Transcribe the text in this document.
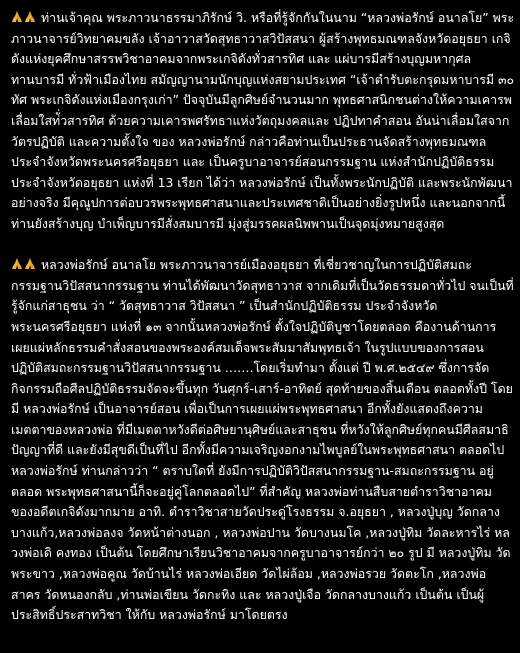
ท่านเจ้าคุณ พระภาวนาธรรมาภิรักษ์ วิ. หรือที่รู้จักกันในนาม “หลวงพ่อรักษ์ อนาลโย” พระภาวนาจารย์วิทยาคมขลัง เจ้าอาวาสวัดสุทธาวาสวิปัสสนา ผู้สร้างพุทธมณฑลจังหวัดอยุธยา เกจิดังแห่งยุคศึกษาสรรพวิชาอาคมจากพระเกจิดังทั่วสารทิศ และ แผ่บารมีสร้างบุญมหากุศลทานบารมี ทั่วฟ้าเมืองไทย สมัญญานามนักบุญแห่งสยามประเทศ “เจ้าตำรับตะกรุดมหาบารมี ๓๐ ทัศ พระเกจิดังแห่งเมืองกรุงเก่า” ปัจจุบันมีลูกศิษย์จำนวนมาก พุทธศาสนิกชนต่างให้ความเคารพเลื่อมใสท่ั่วสารทิศ ด้วยความเคารพศรัทธาแห่งวัตถุมงคลและ ปฏิปทาคำสอน อันน่าเลื่อมใสจากวัตรปฏิบัติ และความตั้งใจ ของ หลวงพ่อรักษ์ กล่าวคือท่านเป็นประธานจัดสร้างพุทธมณฑลประจำจังหวัดพระนครศรีอยุธยา และ เป็นครูบาอาจารย์สอนกรรมฐาน แห่งสำนักปฏิบัติธรรมประจำจังหวัดอยุธยา แห่งที่ 13 เรียก ได้ว่า หลวงพ่อรักษ์ เป็นทั้งพระนักปฏิบัติ และพระนักพัฒนาอย่างจริง มีคุณูปการต่อบวรพระพุทธศาสนาและประเทศชาติเป็นอย่างยิ่งรูปหนึ่ง และนอกจากนี้ ท่านยังสร้างบุญ บำเพ็ญบารมีสั่งสมบารมี มุ่งสู่มรรคผลนิพพานเป็นจุดมุ่งหมายสูงสุด

หลวงพ่อรักษ์ อนาลโย พระภาวนาจารย์เมืองอยุธยา ที่เชี่ยวชาญในการปฏิบัติสมถะกรรมฐานวิปัสสนากรรมฐาน ท่านได้พัฒนาวัดสุทธาวาส จากเดิมที่เป็นวัดธรรมดาทั่วไป จนเป็นที่รู้จักแก่สาธุชน ว่า “ วัดสุทธาวาส วิปัสสนา ” เป็นสำนักปฏิบัติธรรม ประจำจังหวัดพระนครศรีอยุธยา แห่งที่ ๑๓ จากนั้นหลวงพ่อรักษ์ ตั้งใจปฏิบัติบูชาโดยตลอด คืองานด้านการเผยแผ่หลักธรรมคำสั่งสอนของพระองค์สมเด็จพระสัมมาสัมพุทธเจ้า ในรูปแบบของการสอนปฏิบัติสมถะกรรมฐานวิปัสสนากรรมฐาน …….โดยเริ่มทำมา ตั้งแต่ ปี พ.ศ.๒๕๔๙ ซึ่งการจัดกิจกรรมถือศีลปฏิบัติธรรมจัดจะขึ้นทุก วันศุกร์-เสาร์-อาทิตย์ สุดท้ายของสิ้นเดือน ตลอดทั้งปี โดยมี หลวงพ่อรักษ์ เป็นอาจารย์สอน เพื่อเป็นการเผยแผ่พระพุทธศาสนา อีกทั้งยังแสดงถึงความเมตตาของหลวงพ่อ ที่มีเมตตาหวังดีต่อศิษยานุศิษย์และสาธุชน ที่หวังให้ลูกศิษย์ทุกคนมีศีลสมาธิปัญญาที่ดี และยังมีสุขดีเป็นที่ไป อีกทั้งมีความเจริญงอกงามไพบูลย์ในพระพุทธศาสนา ตลอดไป หลวงพ่อรักษ์ ท่านกล่าวว่า “ ตราบใดที่ ยังมีการปฏิบัติวิปัสสนากรรมฐาน-สมถะกรรมฐาน อยู่ตลอด พระพุทธศาสนานี้ก็จะอยู่คู่โลกตลอดไป” ที่สำคัญ หลวงพ่อท่านสืบสายตำราวิชาอาคม ของอดีตเกจิดังมากมาย อาทิ. ตำราวิชาสายวัดประดู่โรงธรรม จ.อยุธยา , หลวงปู่บุญ วัดกลางบางแก้ว,หลวงพ่อลงจ วัดหน้าต่างนอก , หลวงพ่อปาน วัดบางนมโค ,หลวงปู่ทิม วัดละหารไร่ หลวงพ่อเดิ คงทอง เป็นต้น โดยศึกษาเรียนวิชาอาคมจากครูบาอาจารย์กว่า ๒๐ รูป มี หลวงปู่ทิม วัดพระขาว ,หลวงพ่อคูณ วัดบ้านไร่ หลวงพ่อเอียด วัดไผ่ล้อม ,หลวงพ่อรวย วัดตะโก ,หลวงพ่อสาคร วัดหนองกลับ ,ท่านพ่อเขียน วัดกะทิง และ หลวงปู่เจือ วัดกลางบางแก้ว เป็นต้น เป็นผู้ประสิทธิ์ประสาทวิชา ให้กับ หลวงพ่อรักษ์ มาโดยตรง
